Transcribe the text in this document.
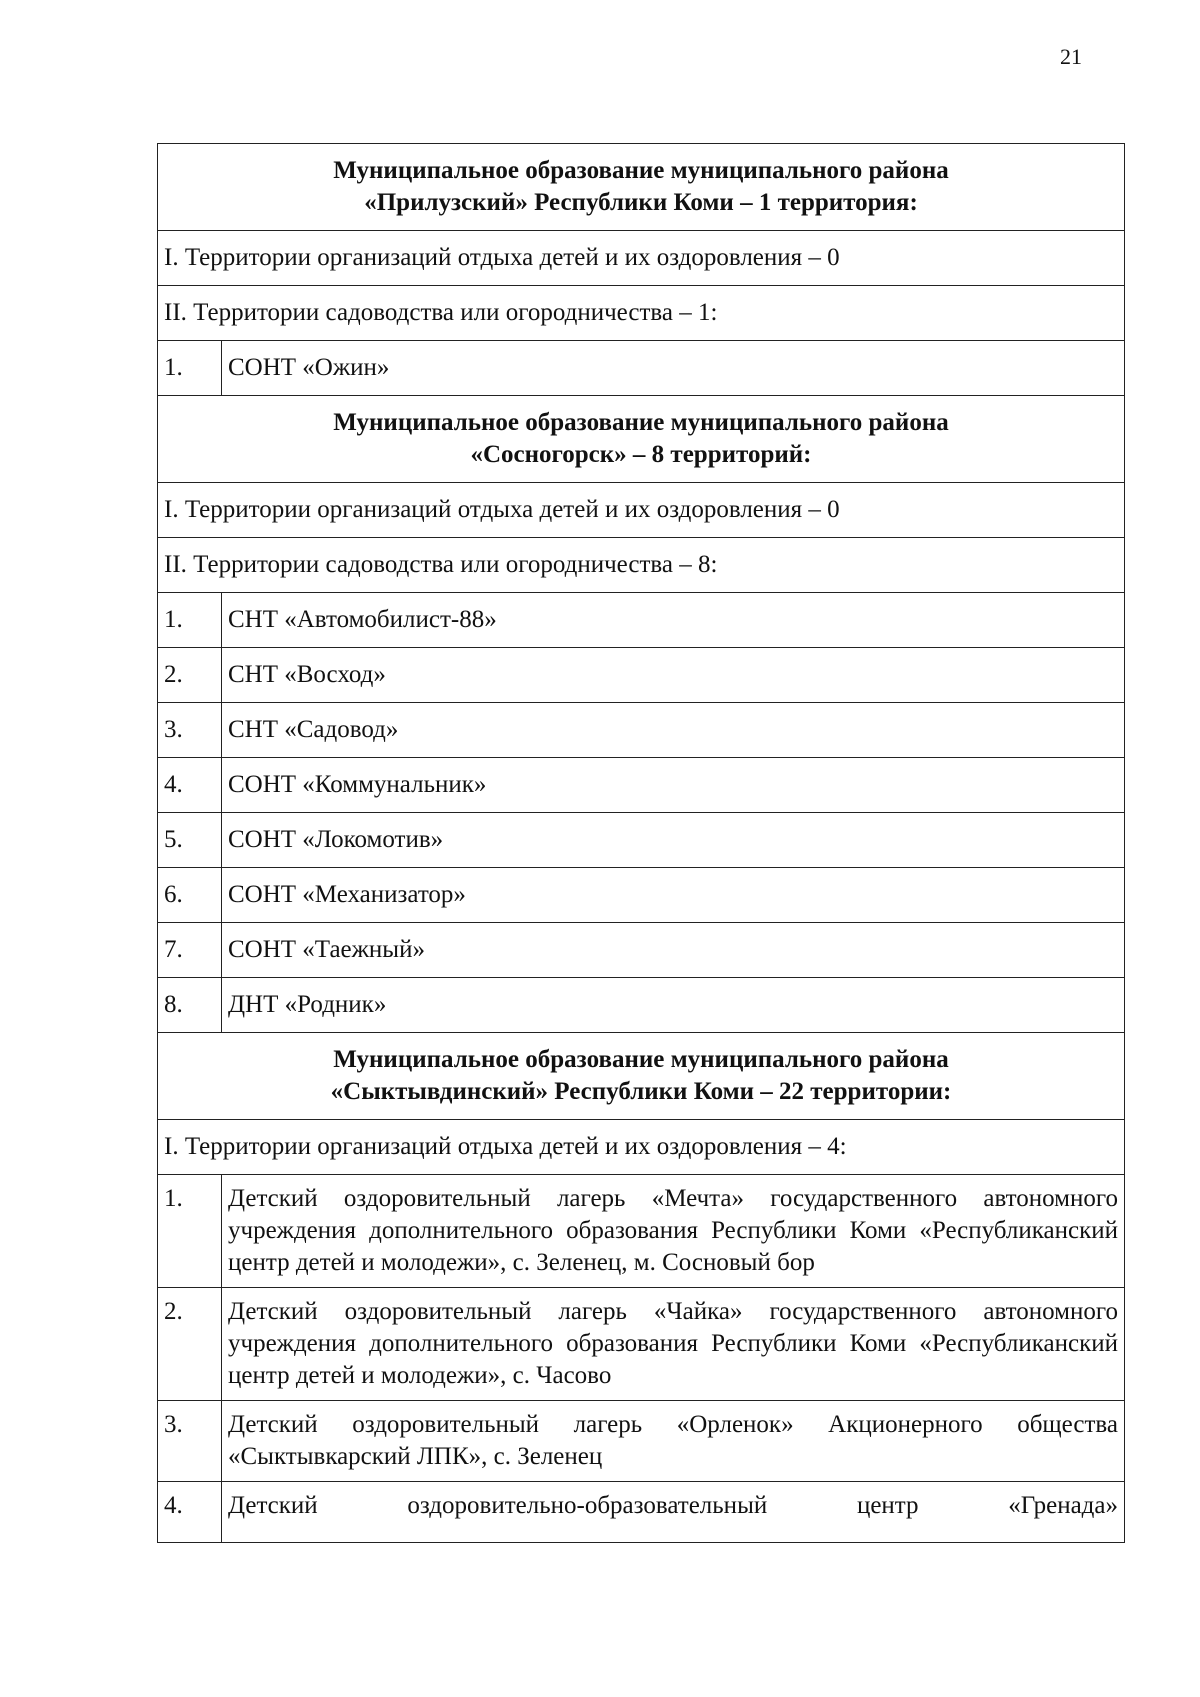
21
Муниципальное образование муниципального района
«Прилузский» Республики Коми – 1 территория:	

I. Территории организаций отдыха детей и их оздоровления – 0	
II. Территории садоводства или огородничества – 1:	
1.	СОНТ «Ожин»

Муниципальное образование муниципального района
«Сосногорск» – 8 территорий:	

I. Территории организаций отдыха детей и их оздоровления – 0	
II. Территории садоводства или огородничества – 8:	
1.	СНТ «Автомобилист-88»
2.	СНТ «Восход»
3.	СНТ «Садовод»
4.	СОНТ «Коммунальник»
5.	СОНТ «Локомотив»
6.	СОНТ «Механизатор»
7.	СОНТ «Таежный»
8.	ДНТ «Родник»

Муниципальное образование муниципального района
«Сыктывдинский» Республики Коми – 22 территории:	

I. Территории организаций отдыха детей и их оздоровления – 4:	
1.	Детский оздоровительный лагерь «Мечта» государственного автономного учреждения дополнительного образования Республики Коми «Республиканский центр детей и молодежи», с. Зеленец, м. Сосновый бор
2.	Детский оздоровительный лагерь «Чайка» государственного автономного учреждения дополнительного образования Республики Коми «Республиканский центр детей и молодежи», с. Часово
3.	Детский оздоровительный лагерь «Орленок» Акционерного общества «Сыктывкарский ЛПК», с. Зеленец
4.	Детский оздоровительно-образовательный центр «Гренада»
